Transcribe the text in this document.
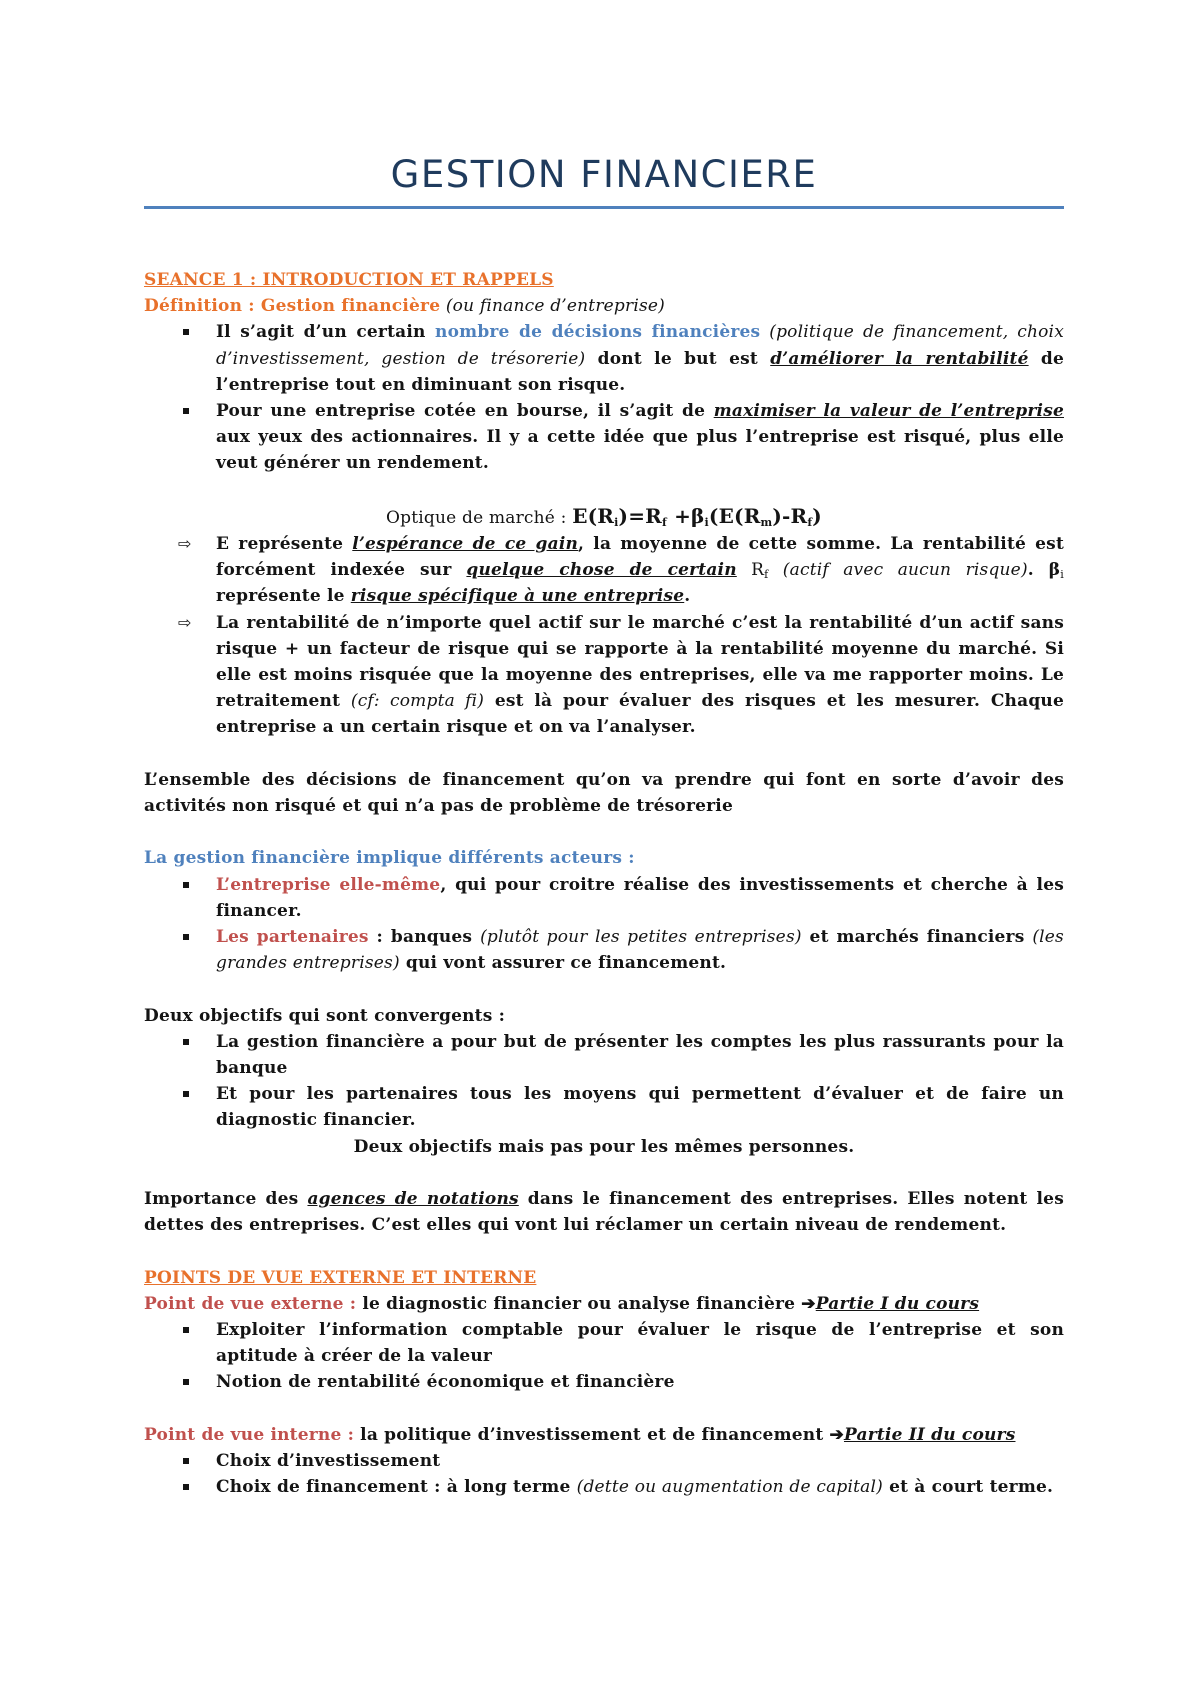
GESTION FINANCIERE

SEANCE 1 : INTRODUCTION ET RAPPELS

Définition : Gestion financière (ou finance d’entreprise)

Il s’agit d’un certain nombre de décisions financières (politique de financement, choix d’investissement, gestion de trésorerie) dont le but est d’améliorer la rentabilité de l’entreprise tout en diminuant son risque.
Pour une entreprise cotée en bourse, il s’agit de maximiser la valeur de l’entreprise aux yeux des actionnaires. Il y a cette idée que plus l’entreprise est risqué, plus elle veut générer un rendement.

Optique de marché : $E(R_i)=R_f +\beta_i(E(R_m)-R_f)$

⇨ E représente l’espérance de ce gain, la moyenne de cette somme. La rentabilité est forcément indexée sur quelque chose de certain $R_f$ (actif avec aucun risque). $\beta_i$ représente le risque spécifique à une entreprise.
⇨ La rentabilité de n’importe quel actif sur le marché c’est la rentabilité d’un actif sans risque + un facteur de risque qui se rapporte à la rentabilité moyenne du marché. Si elle est moins risquée que la moyenne des entreprises, elle va me rapporter moins. Le retraitement (cf: compta fi) est là pour évaluer des risques et les mesurer. Chaque entreprise a un certain risque et on va l’analyser.

L’ensemble des décisions de financement qu’on va prendre qui font en sorte d’avoir des activités non risqué et qui n’a pas de problème de trésorerie

La gestion financière implique différents acteurs :

L’entreprise elle-même, qui pour croitre réalise des investissements et cherche à les financer.
Les partenaires : banques (plutôt pour les petites entreprises) et marchés financiers (les grandes entreprises) qui vont assurer ce financement.

Deux objectifs qui sont convergents :

La gestion financière a pour but de présenter les comptes les plus rassurants pour la banque
Et pour les partenaires tous les moyens qui permettent d’évaluer et de faire un diagnostic financier.

Deux objectifs mais pas pour les mêmes personnes.

Importance des agences de notations dans le financement des entreprises. Elles notent les dettes des entreprises. C’est elles qui vont lui réclamer un certain niveau de rendement.

POINTS DE VUE EXTERNE ET INTERNE

Point de vue externe : le diagnostic financier ou analyse financière ➔Partie I du cours

Exploiter l’information comptable pour évaluer le risque de l’entreprise et son aptitude à créer de la valeur
Notion de rentabilité économique et financière

Point de vue interne : la politique d’investissement et de financement ➔Partie II du cours

Choix d’investissement
Choix de financement : à long terme (dette ou augmentation de capital) et à court terme.
